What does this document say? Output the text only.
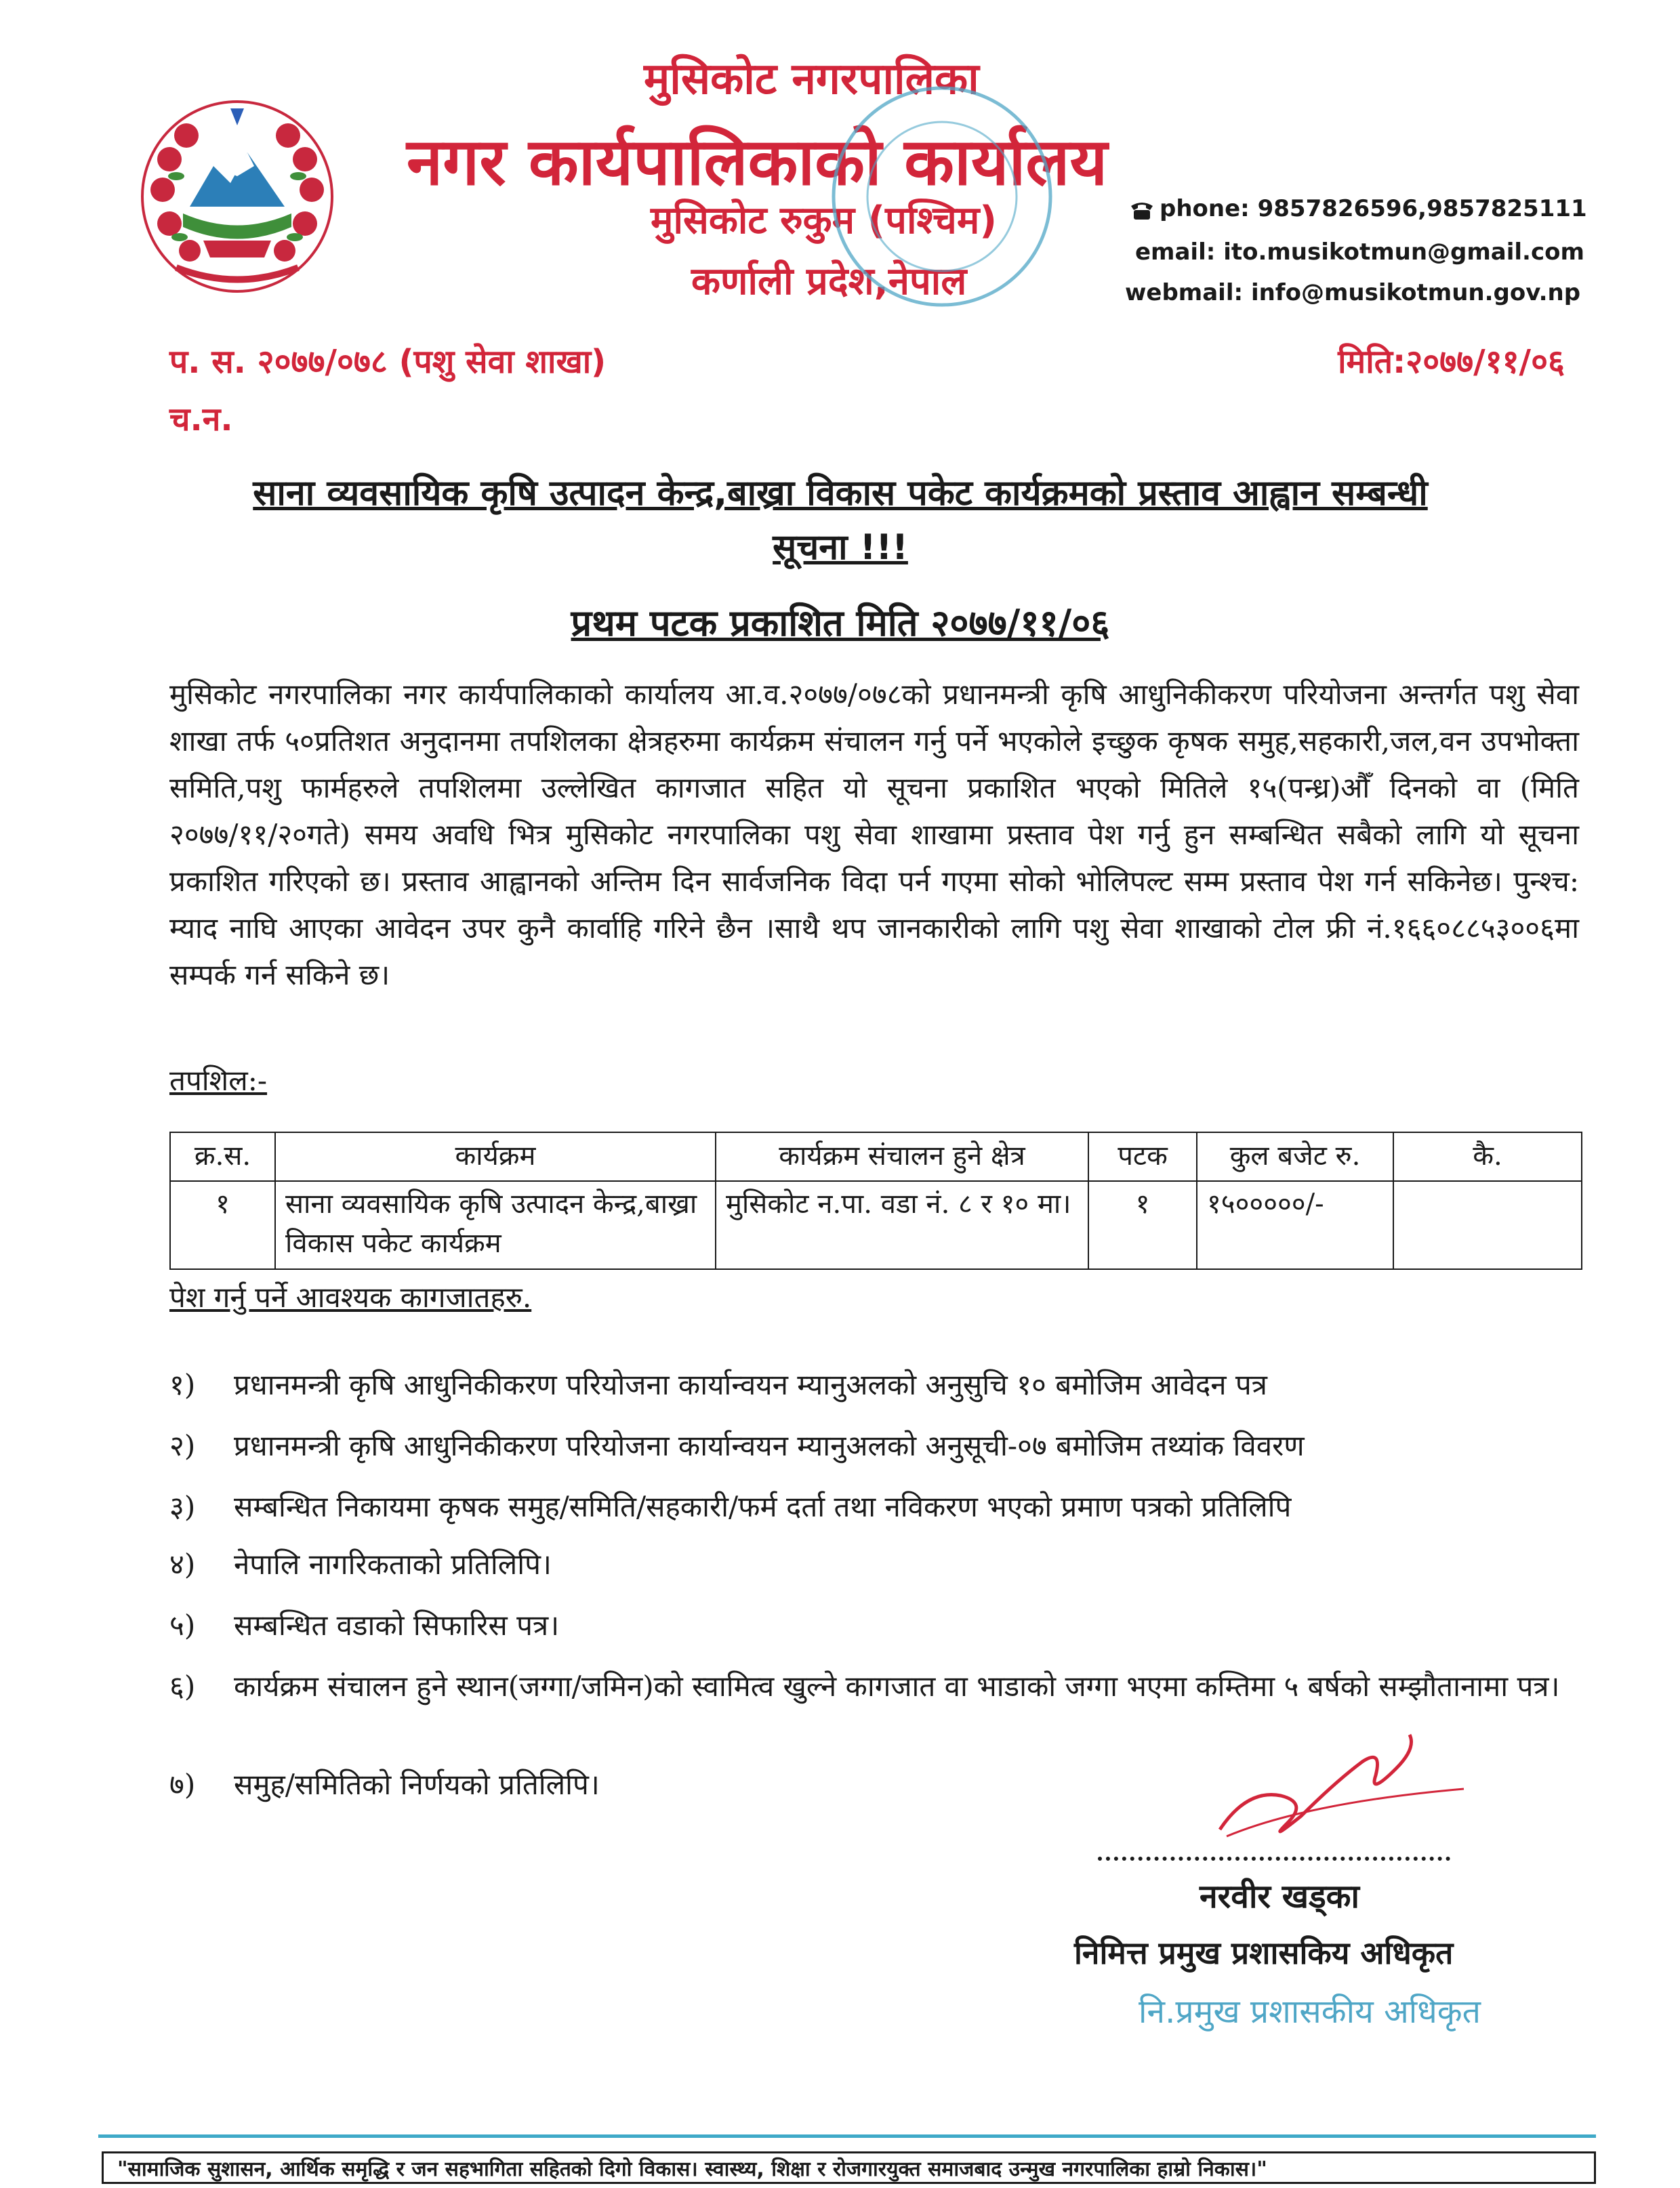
मुसिकोट नगरपालिका
नगर कार्यपालिकाको कार्यालय
मुसिकोट रुकुम (पश्चिम)
कर्णाली प्रदेश,नेपाल
phone: 9857826596,9857825111
email: ito.musikotmun@gmail.com
webmail: info@musikotmun.gov.np
प. स. २०७७/०७८ (पशु सेवा शाखा)	मिति:२०७७/११/०६
च.न.
साना व्यवसायिक कृषि उत्पादन केन्द्र,बाख्रा विकास पकेट कार्यक्रमको प्रस्ताव आह्वान सम्बन्धी
सूचना !!!
प्रथम पटक प्रकाशित मिति २०७७/११/०६
मुसिकोट नगरपालिका नगर कार्यपालिकाको कार्यालय आ.व.२०७७/०७८को प्रधानमन्त्री कृषि आधुनिकीकरण परियोजना अन्तर्गत पशु सेवा शाखा तर्फ ५०प्रतिशत अनुदानमा तपशिलका क्षेत्रहरुमा कार्यक्रम संचालन गर्नु पर्ने भएकोले इच्छुक कृषक समुह,सहकारी,जल,वन उपभोक्ता समिति,पशु फार्महरुले तपशिलमा उल्लेखित कागजात सहित यो सूचना प्रकाशित भएको मितिले १५(पन्ध्र)औँ दिनको वा (मिति २०७७/११/२०गते) समय अवधि भित्र मुसिकोट नगरपालिका पशु सेवा शाखामा प्रस्ताव पेश गर्नु हुन सम्बन्धित सबैको लागि यो सूचना प्रकाशित गरिएको छ। प्रस्ताव आह्वानको अन्तिम दिन सार्वजनिक विदा पर्न गएमा सोको भोलिपल्ट सम्म प्रस्ताव पेश गर्न सकिनेछ। पुन्श्च: म्याद नाघि आएका आवेदन उपर कुनै कार्वाहि गरिने छैन ।साथै थप जानकारीको लागि पशु सेवा शाखाको टोल फ्री नं.१६६०८८५३००६मा सम्पर्क गर्न सकिने छ।
तपशिल:-
क्र.स.	कार्यक्रम	कार्यक्रम संचालन हुने क्षेत्र	पटक	कुल बजेट रु.	कै.
१	साना व्यवसायिक कृषि उत्पादन केन्द्र,बाख्रा विकास पकेट कार्यक्रम	मुसिकोट न.पा. वडा नं. ८ र १० मा।	१	१५०००००/-	
पेश गर्नु पर्ने आवश्यक कागजातहरु.
१)	प्रधानमन्त्री कृषि आधुनिकीकरण परियोजना कार्यान्वयन म्यानुअलको अनुसुचि १० बमोजिम आवेदन पत्र
२)	प्रधानमन्त्री कृषि आधुनिकीकरण परियोजना कार्यान्वयन म्यानुअलको अनुसूची-०७ बमोजिम तथ्यांक विवरण
३)	सम्बन्धित निकायमा कृषक समुह/समिति/सहकारी/फर्म दर्ता तथा नविकरण भएको प्रमाण पत्रको प्रतिलिपि
४)	नेपालि नागरिकताको प्रतिलिपि।
५)	सम्बन्धित वडाको सिफारिस पत्र।
६)	कार्यक्रम संचालन हुने स्थान(जग्गा/जमिन)को स्वामित्व खुल्ने कागजात वा भाडाको जग्गा भएमा कम्तिमा ५ बर्षको सम्झौतानामा पत्र।
७)	समुह/समितिको निर्णयको प्रतिलिपि।
नरवीर खड्का
निमित्त प्रमुख प्रशासकिय अधिकृत
नि.प्रमुख प्रशासकीय अधिकृत
"सामाजिक सुशासन, आर्थिक समृद्धि र जन सहभागिता सहितको दिगो विकास। स्वास्थ्य, शिक्षा र रोजगारयुक्त समाजबाद उन्मुख नगरपालिका हाम्रो निकास।"
